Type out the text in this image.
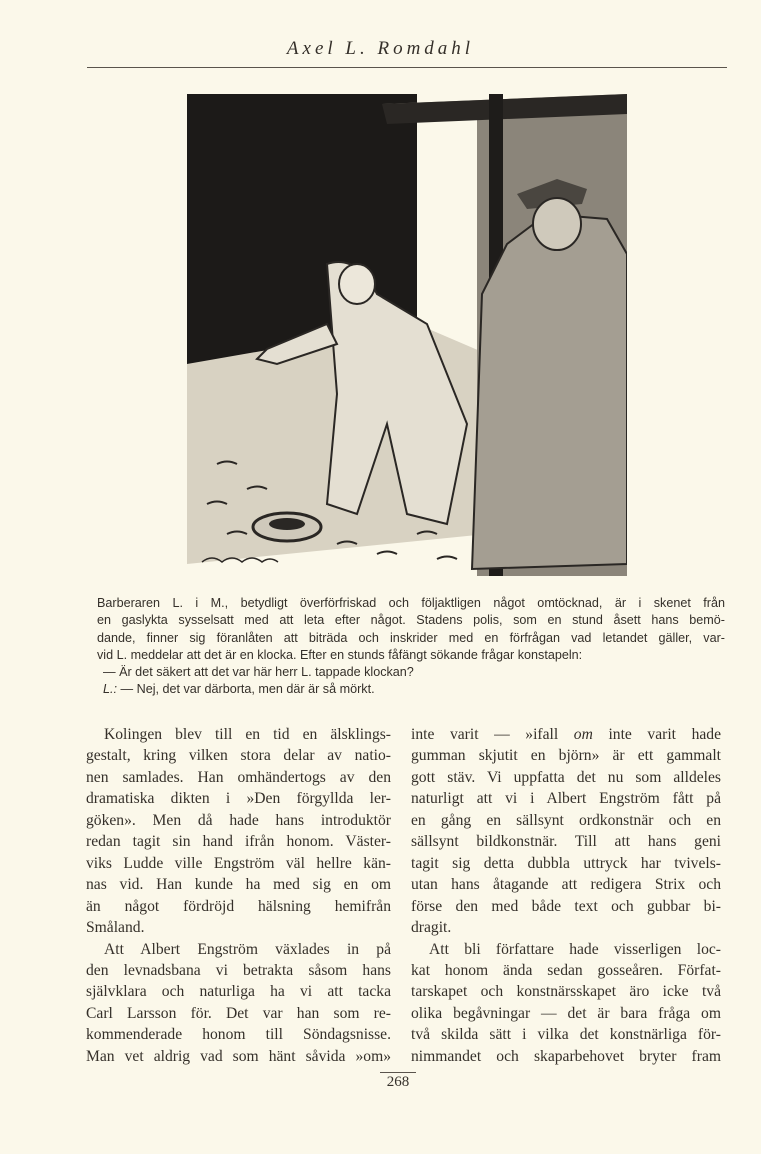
Axel L. Romdahl
Barberaren L. i M., betydligt överförfriskad och följaktligen något omtöcknad, är i skenet från
en gaslykta sysselsatt med att leta efter något. Stadens polis, som en stund åsett hans bemö-
dande, finner sig föranlåten att biträda och inskrider med en förfrågan vad letandet gäller, var-
vid L. meddelar att det är en klocka. Efter en stunds fåfängt sökande frågar konstapeln:
— Är det säkert att det var här herr L. tappade klockan?
L.: — Nej, det var därborta, men där är så mörkt.
Kolingen blev till en tid en älsklings-
gestalt, kring vilken stora delar av natio-
nen samlades. Han omhändertogs av den
dramatiska dikten i »Den förgyllda ler-
göken». Men då hade hans introduktör
redan tagit sin hand ifrån honom. Väster-
viks Ludde ville Engström väl hellre kän-
nas vid. Han kunde ha med sig en om
än något fördröjd hälsning hemifrån
Småland.
Att Albert Engström växlades in på
den levnadsbana vi betrakta såsom hans
självklara och naturliga ha vi att tacka
Carl Larsson för. Det var han som re-
kommenderade honom till Söndagsnisse.
Man vet aldrig vad som hänt såvida »om»
inte varit — »ifall om inte varit hade
gumman skjutit en björn» är ett gammalt
gott stäv. Vi uppfatta det nu som alldeles
naturligt att vi i Albert Engström fått på
en gång en sällsynt ordkonstnär och en
sällsynt bildkonstnär. Till att hans geni
tagit sig detta dubbla uttryck har tvivels-
utan hans åtagande att redigera Strix och
förse den med både text och gubbar bi-
dragit.
Att bli författare hade visserligen loc-
kat honom ända sedan gosseåren. Förfat-
tarskapet och konstnärsskapet äro icke två
olika begåvningar — det är bara fråga om
två skilda sätt i vilka det konstnärliga för-
nimmandet och skaparbehovet bryter fram
268
